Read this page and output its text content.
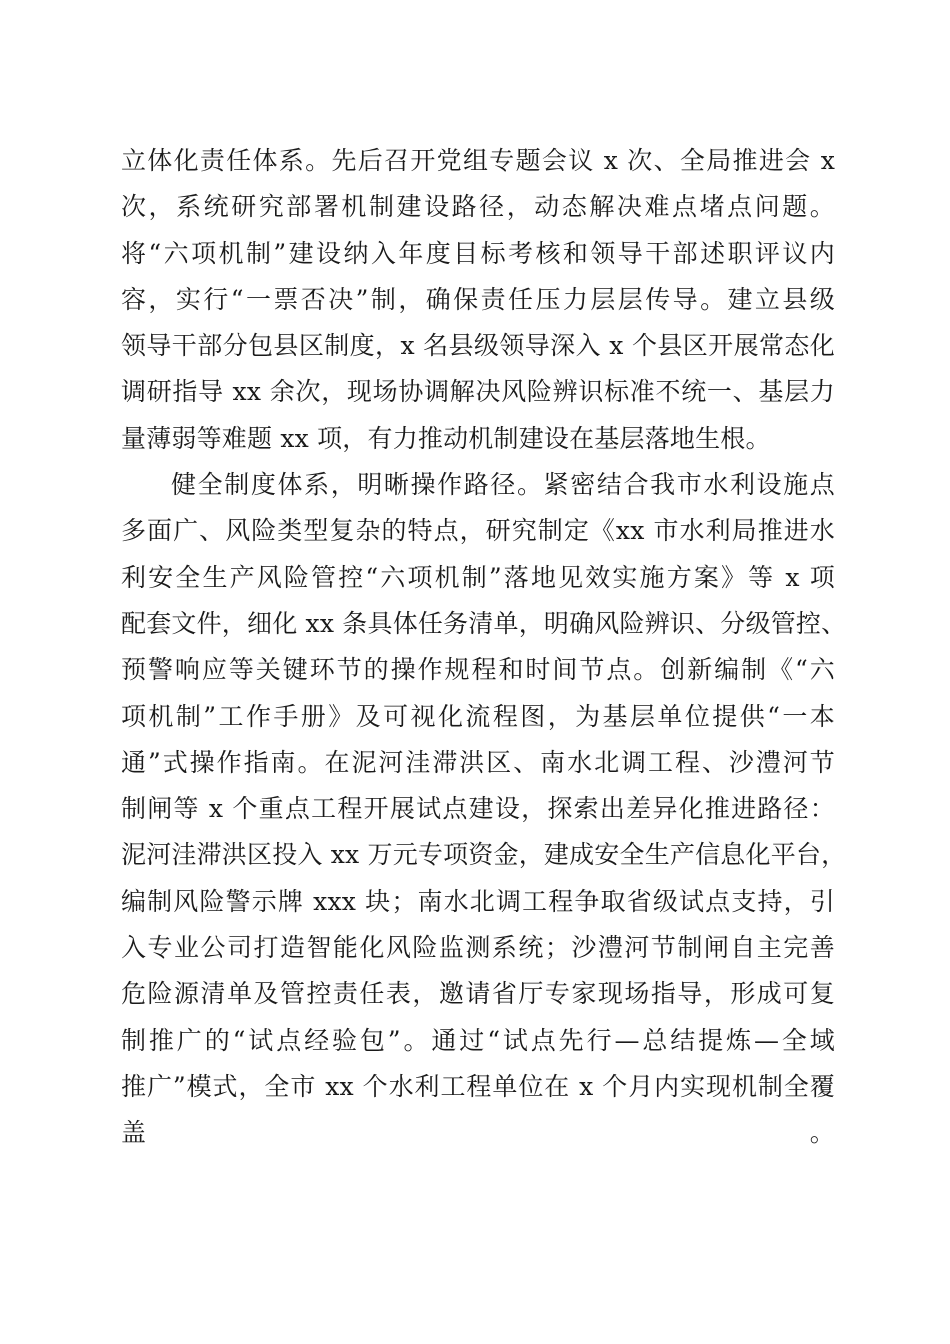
立体化责任体系。先后召开党组专题会议 x 次、全局推进会 x
次，系统研究部署机制建设路径，动态解决难点堵点问题。
将“六项机制”建设纳入年度目标考核和领导干部述职评议内
容，实行“一票否决”制，确保责任压力层层传导。建立县级
领导干部分包县区制度，x 名县级领导深入 x 个县区开展常态化
调研指导 xx 余次，现场协调解决风险辨识标准不统一、基层力
量薄弱等难题 xx 项，有力推动机制建设在基层落地生根。
健全制度体系，明晰操作路径。紧密结合我市水利设施点
多面广、风险类型复杂的特点，研究制定《xx 市水利局推进水
利安全生产风险管控“六项机制”落地见效实施方案》等 x 项
配套文件，细化 xx 条具体任务清单，明确风险辨识、分级管控、
预警响应等关键环节的操作规程和时间节点。创新编制《“六
项机制”工作手册》及可视化流程图，为基层单位提供“一本
通”式操作指南。在泥河洼滞洪区、南水北调工程、沙澧河节
制闸等 x 个重点工程开展试点建设，探索出差异化推进路径：
泥河洼滞洪区投入 xx 万元专项资金，建成安全生产信息化平台，
编制风险警示牌 xxx 块；南水北调工程争取省级试点支持，引
入专业公司打造智能化风险监测系统；沙澧河节制闸自主完善
危险源清单及管控责任表，邀请省厅专家现场指导，形成可复
制推广的“试点经验包”。通过“试点先行—总结提炼—全域
推广”模式，全市 xx 个水利工程单位在 x 个月内实现机制全覆
盖。
